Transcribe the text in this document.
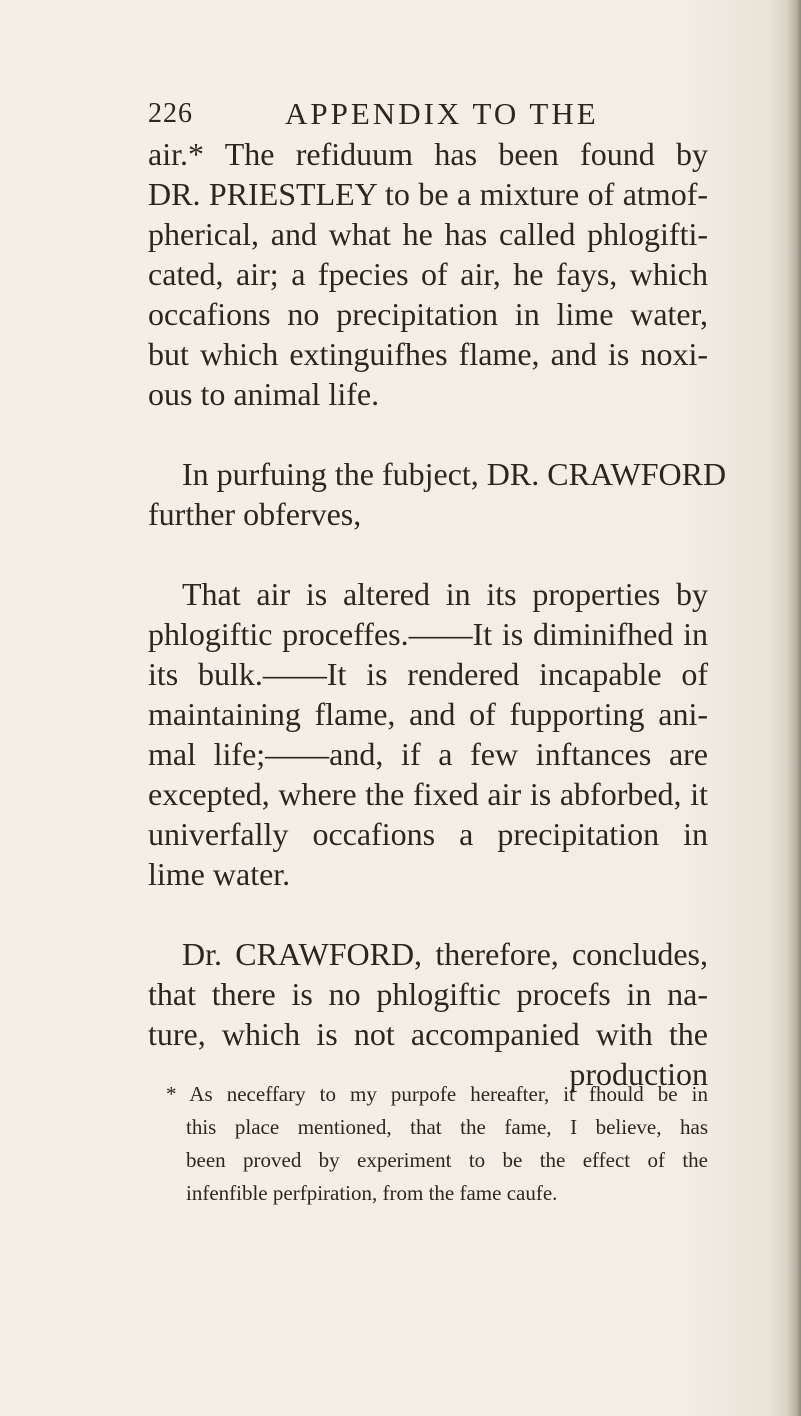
226	APPENDIX TO THE
air.* The refiduum has been found by
DR. PRIESTLEY to be a mixture of atmof-
pherical, and what he has called phlogifti-
cated, air; a fpecies of air, he fays, which
occafions no precipitation in lime water,
but which extinguifhes flame, and is noxi-
ous to animal life.
In purfuing the fubject, DR. CRAWFORD
further obferves,
That air is altered in its properties by
phlogiftic proceffes.——It is diminifhed in
its bulk.——It is rendered incapable of
maintaining flame, and of fupporting ani-
mal life;——and, if a few inftances are
excepted, where the fixed air is abforbed, it
univerfally occafions a precipitation in
lime water.
Dr. CRAWFORD, therefore, concludes,
that there is no phlogiftic procefs in na-
ture, which is not accompanied with the
production
* As neceffary to my purpofe hereafter, it fhould be in
this place mentioned, that the fame, I believe, has
been proved by experiment to be the effect of the
infenfible perfpiration, from the fame caufe.
